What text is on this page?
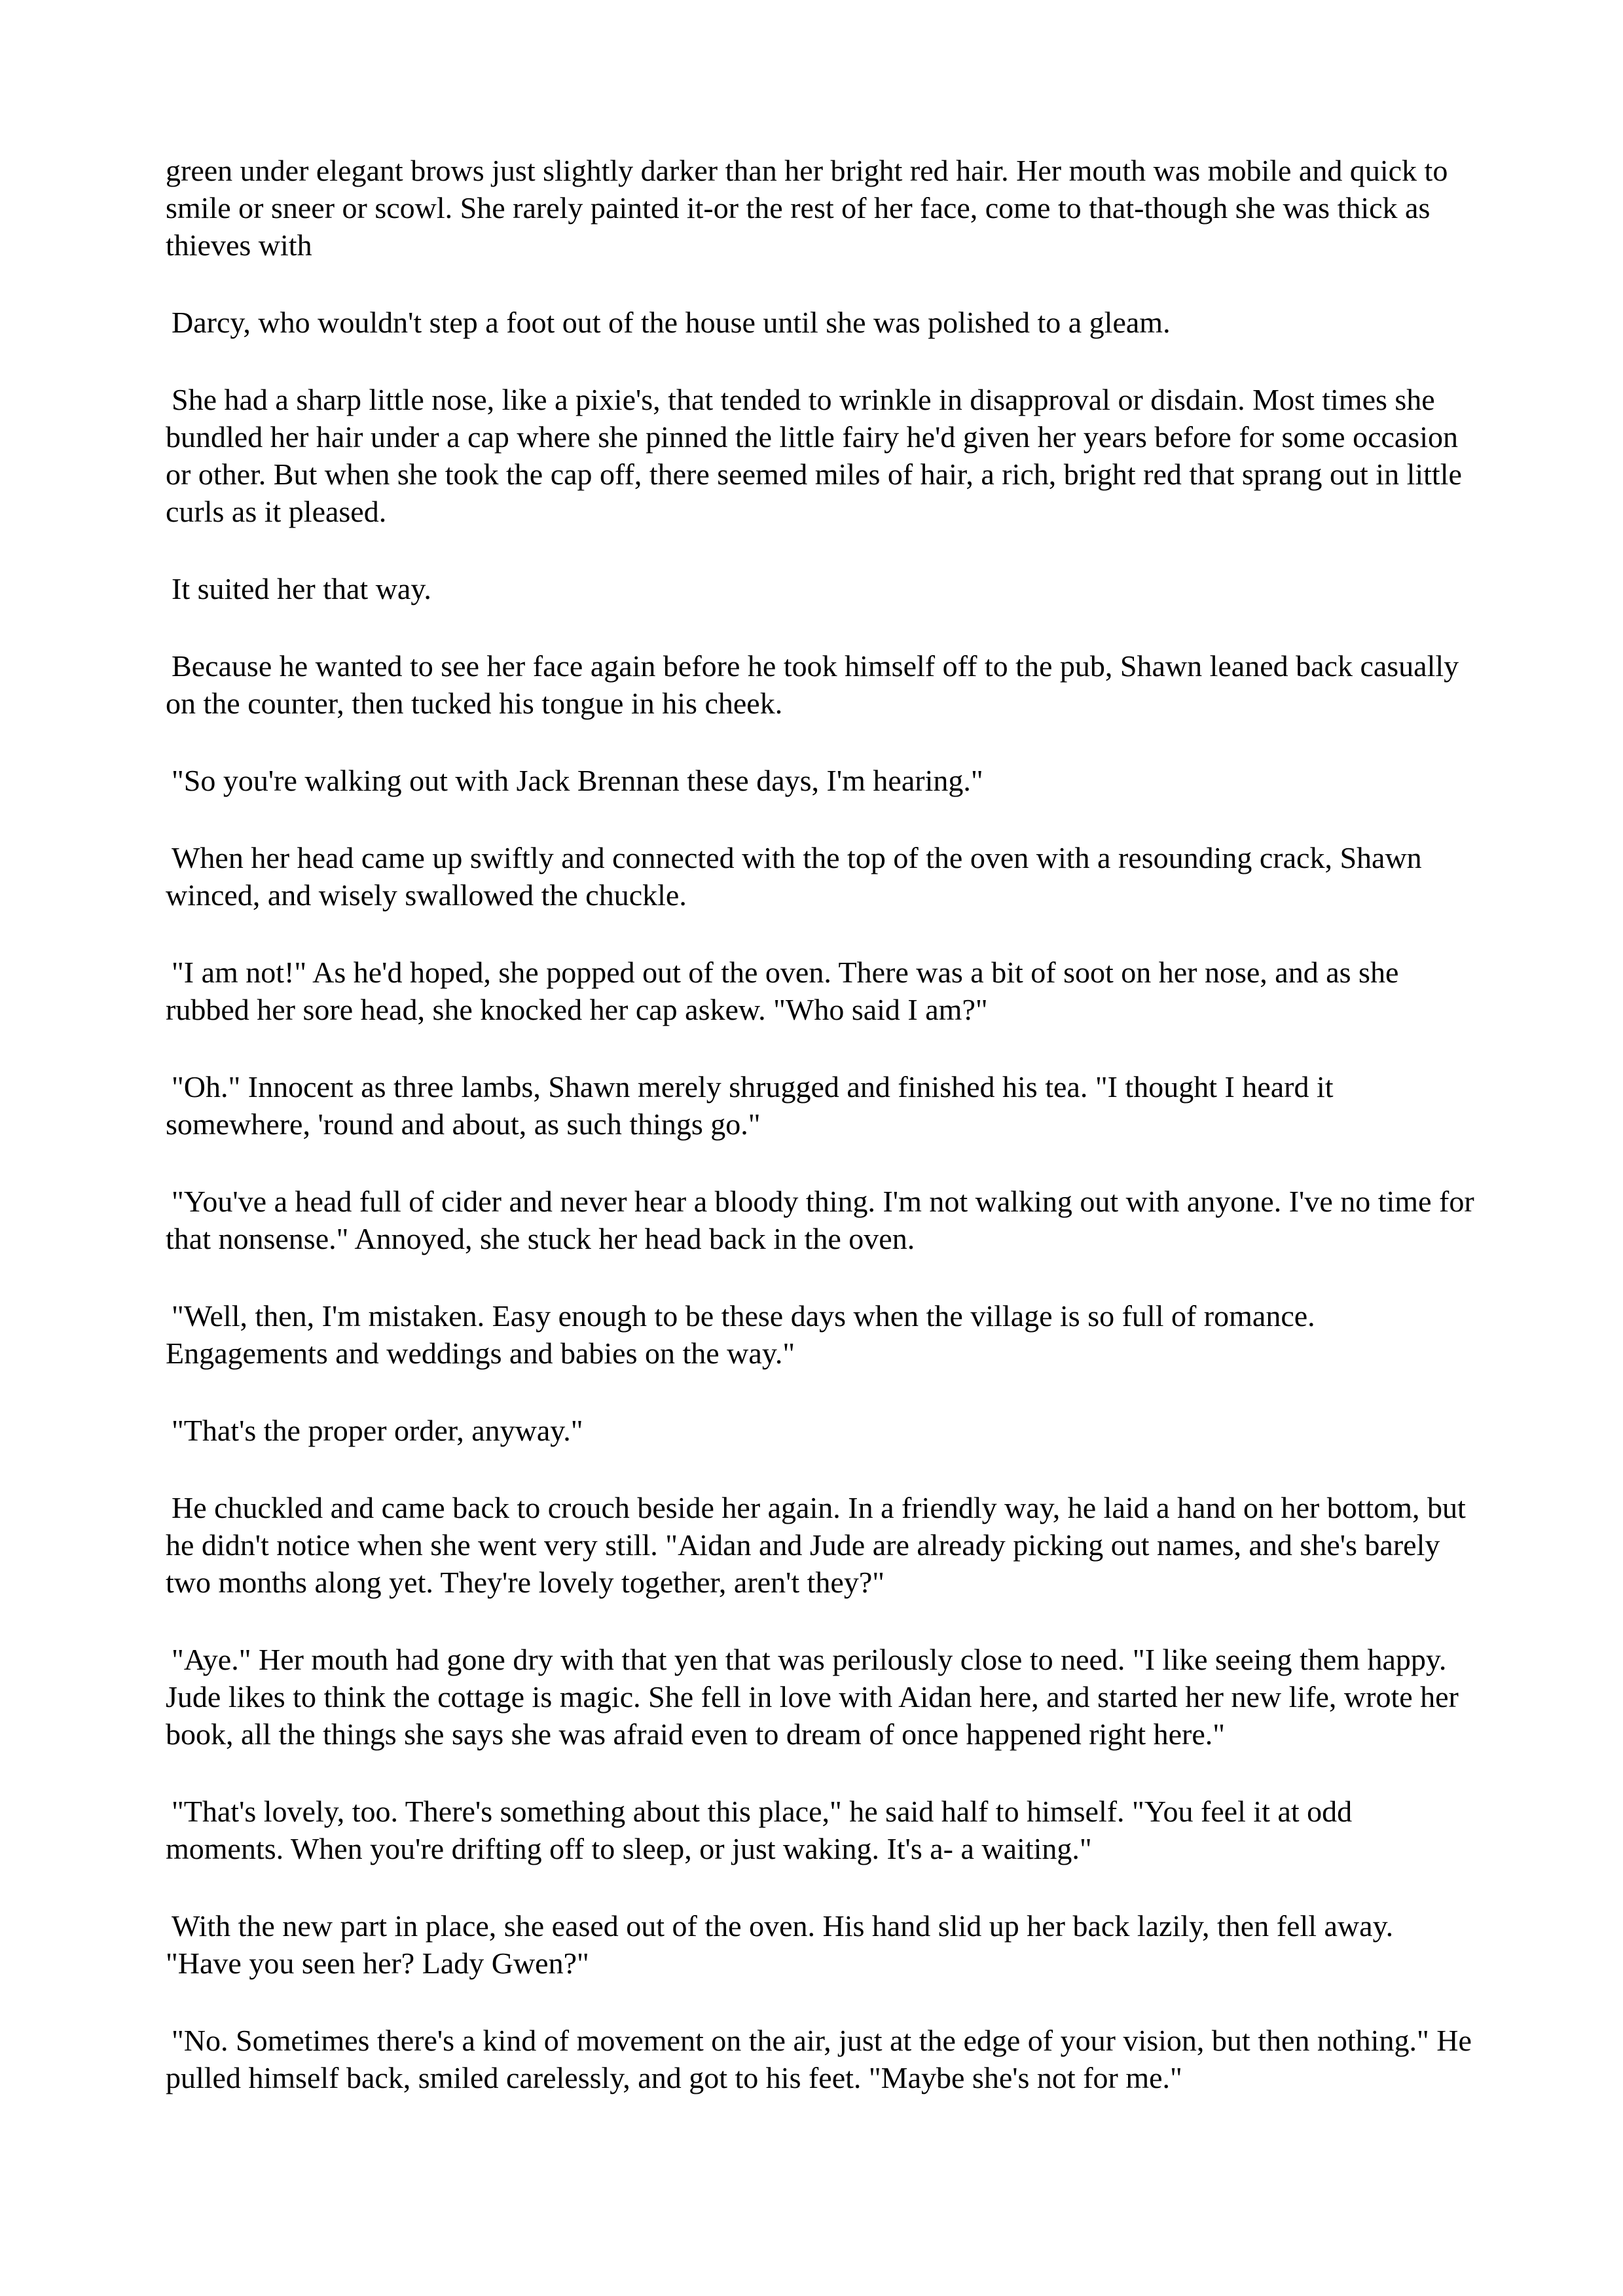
green under elegant brows just slightly darker than her bright red hair. Her mouth was mobile and quick to smile or sneer or scowl. She rarely painted it-or the rest of her face, come to that-though she was thick as thieves with

Darcy, who wouldn't step a foot out of the house until she was polished to a gleam.

She had a sharp little nose, like a pixie's, that tended to wrinkle in disapproval or disdain. Most times she bundled her hair under a cap where she pinned the little fairy he'd given her years before for some occasion or other. But when she took the cap off, there seemed miles of hair, a rich, bright red that sprang out in little curls as it pleased.

It suited her that way.

Because he wanted to see her face again before he took himself off to the pub, Shawn leaned back casually on the counter, then tucked his tongue in his cheek.

"So you're walking out with Jack Brennan these days, I'm hearing."

When her head came up swiftly and connected with the top of the oven with a resounding crack, Shawn winced, and wisely swallowed the chuckle.

"I am not!" As he'd hoped, she popped out of the oven. There was a bit of soot on her nose, and as she rubbed her sore head, she knocked her cap askew. "Who said I am?"

"Oh." Innocent as three lambs, Shawn merely shrugged and finished his tea. "I thought I heard it somewhere, 'round and about, as such things go."

"You've a head full of cider and never hear a bloody thing. I'm not walking out with anyone. I've no time for that nonsense." Annoyed, she stuck her head back in the oven.

"Well, then, I'm mistaken. Easy enough to be these days when the village is so full of romance. Engagements and weddings and babies on the way."

"That's the proper order, anyway."

He chuckled and came back to crouch beside her again. In a friendly way, he laid a hand on her bottom, but he didn't notice when she went very still. "Aidan and Jude are already picking out names, and she's barely two months along yet. They're lovely together, aren't they?"

"Aye." Her mouth had gone dry with that yen that was perilously close to need. "I like seeing them happy. Jude likes to think the cottage is magic. She fell in love with Aidan here, and started her new life, wrote her book, all the things she says she was afraid even to dream of once happened right here."

"That's lovely, too. There's something about this place," he said half to himself. "You feel it at odd moments. When you're drifting off to sleep, or just waking. It's a- a waiting."

With the new part in place, she eased out of the oven. His hand slid up her back lazily, then fell away. "Have you seen her? Lady Gwen?"

"No. Sometimes there's a kind of movement on the air, just at the edge of your vision, but then nothing." He pulled himself back, smiled carelessly, and got to his feet. "Maybe she's not for me."
